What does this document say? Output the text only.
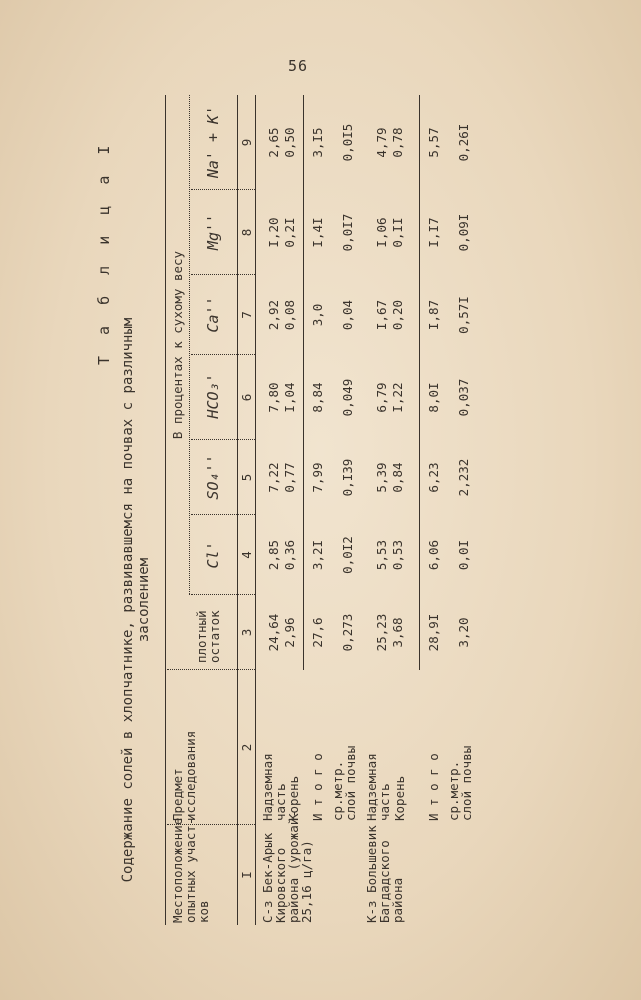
56
Т а б л и ц а I
Содержание солей в хлопчатнике, развивавшемся на почвах с различным засолением
Местоположение
опытных участ-
ков
Предмет
исследования
плотный
остаток
В процентах к сухому весу
Cl'
SO₄''
HCO₃'
Ca''
Mg''
Na' + K'
I
2
3
4
5
6
7
8
9
С-з Бек-Арык
Кировского
района (урожай-
25,16 ц/га)
Надземная
часть
24,64
2,85
7,22
7,80
2,92
I,20
2,65
Корень
2,96
0,36
0,77
I,04
0,08
0,2I
0,50
И т о г о
27,6
3,2I
7,99
8,84
3,0
I,4I
3,I5
ср.метр.
слой почвы
0,273
0,0I2
0,I39
0,049
0,04
0,0I7
0,0I5
К-з Большевик
Багдадского
района
Надземная
часть
25,23
5,53
5,39
6,79
I,67
I,06
4,79
Корень
3,68
0,53
0,84
I,22
0,20
0,II
0,78
И т о г о
28,9I
6,06
6,23
8,0I
I,87
I,I7
5,57
ср.метр.
слой почвы
3,20
0,0I
2,232
0,037
0,57I
0,09I
0,26I
